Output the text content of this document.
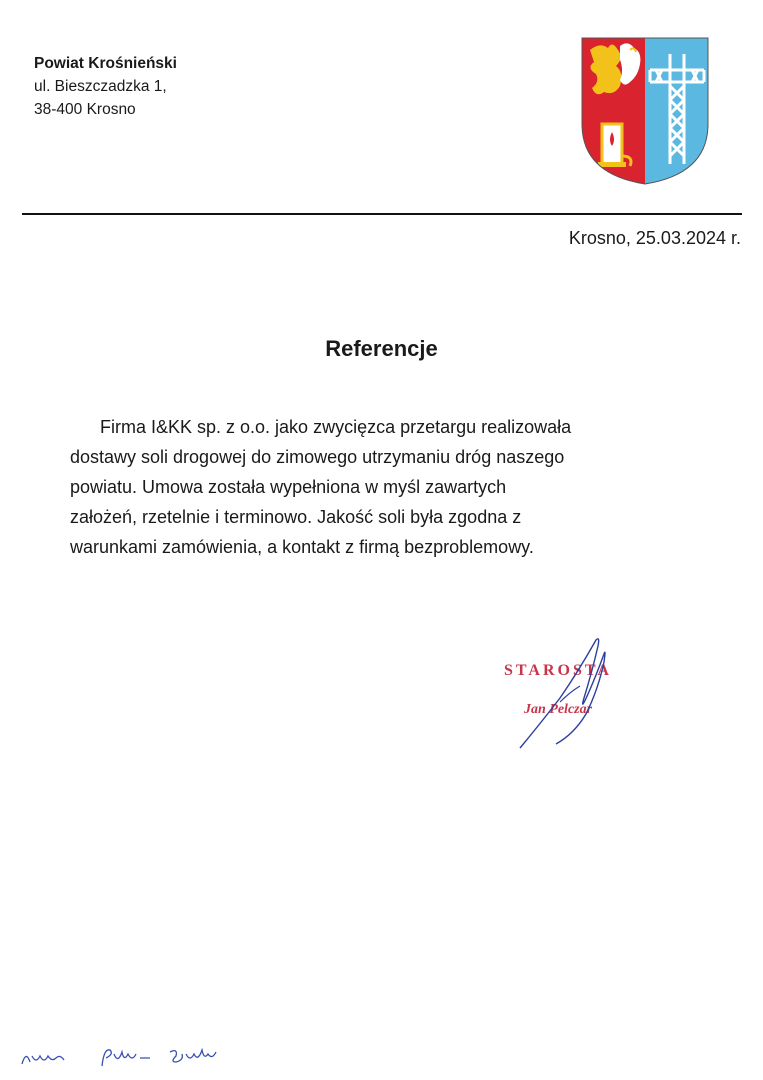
Powiat Krośnieński
ul. Bieszczadzka 1,
38-400 Krosno
Krosno, 25.03.2024 r.
Referencje
Firma I&KK sp. z o.o. jako zwycięzca przetargu realizowała
dostawy soli drogowej do zimowego utrzymaniu dróg naszego
powiatu. Umowa została wypełniona w myśl zawartych
założeń, rzetelnie i terminowo. Jakość soli była zgodna z
warunkami zamówienia, a kontakt z firmą bezproblemowy.
STAROSTA
Jan Pelczar
